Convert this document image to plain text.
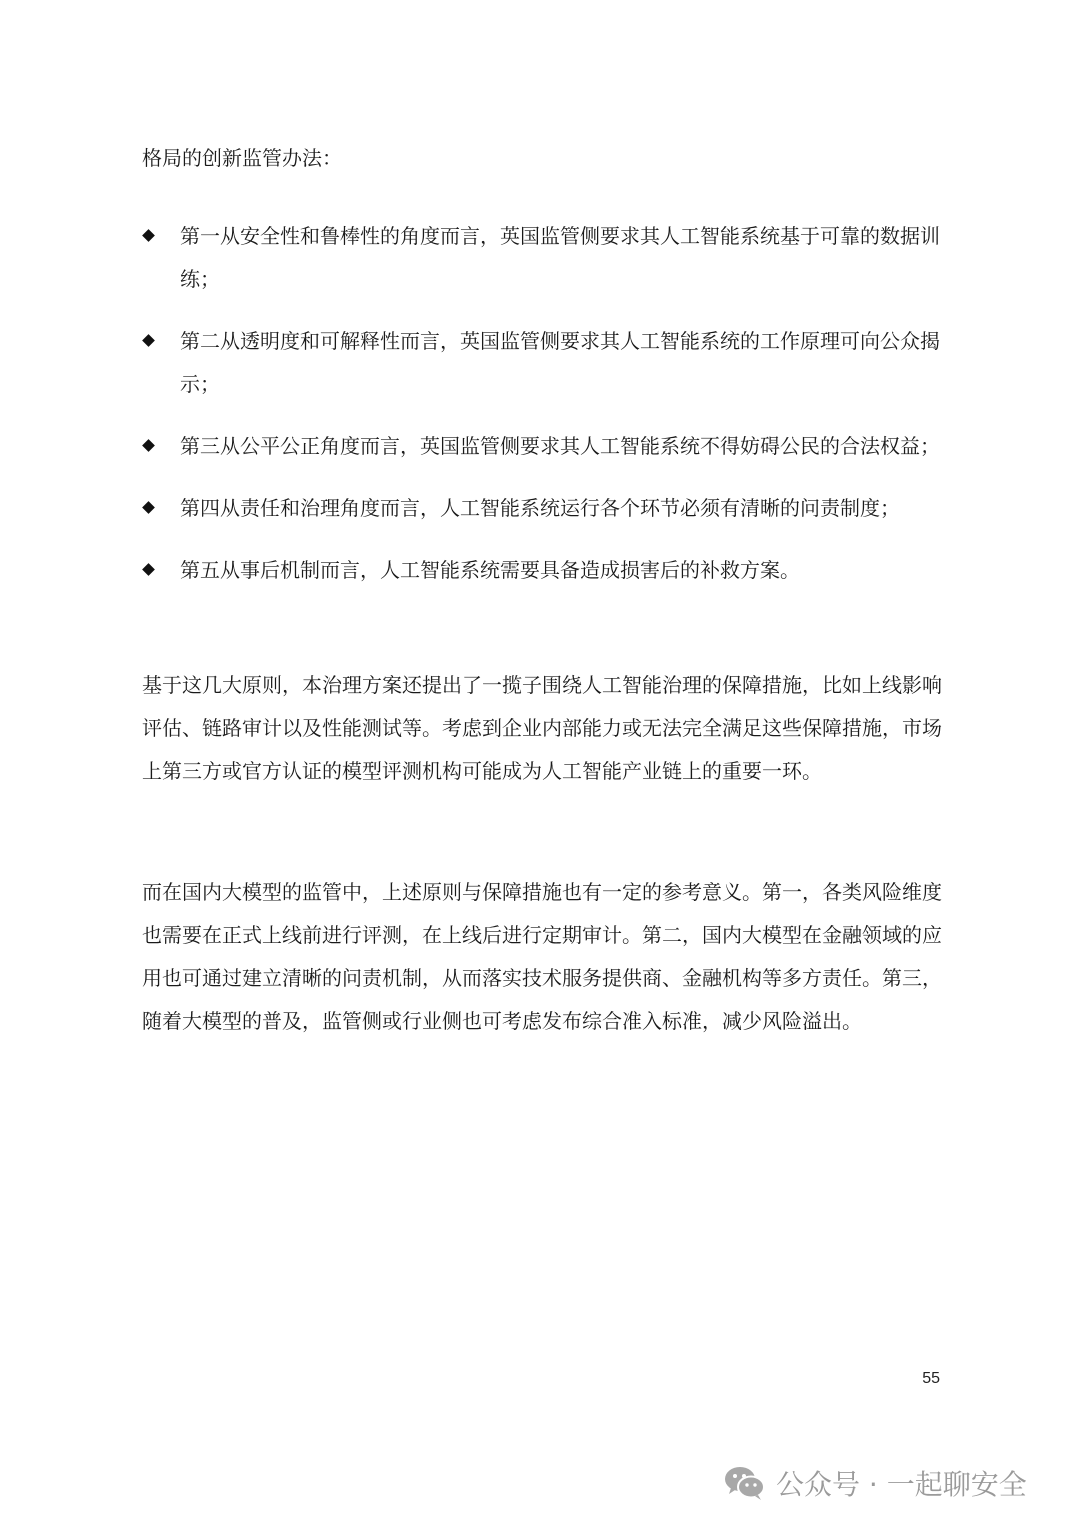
格局的创新监管办法：

第一从安全性和鲁棒性的角度而言，英国监管侧要求其人工智能系统基于可靠的数据训练；
第二从透明度和可解释性而言，英国监管侧要求其人工智能系统的工作原理可向公众揭示；
第三从公平公正角度而言，英国监管侧要求其人工智能系统不得妨碍公民的合法权益；
第四从责任和治理角度而言，人工智能系统运行各个环节必须有清晰的问责制度；
第五从事后机制而言，人工智能系统需要具备造成损害后的补救方案。

基于这几大原则，本治理方案还提出了一揽子围绕人工智能治理的保障措施，比如上线影响评估、链路审计以及性能测试等。考虑到企业内部能力或无法完全满足这些保障措施，市场上第三方或官方认证的模型评测机构可能成为人工智能产业链上的重要一环。

而在国内大模型的监管中，上述原则与保障措施也有一定的参考意义。第一，各类风险维度也需要在正式上线前进行评测，在上线后进行定期审计。第二，国内大模型在金融领域的应用也可通过建立清晰的问责机制，从而落实技术服务提供商、金融机构等多方责任。第三，随着大模型的普及，监管侧或行业侧也可考虑发布综合准入标准，减少风险溢出。

55
公众号 · 一起聊安全
